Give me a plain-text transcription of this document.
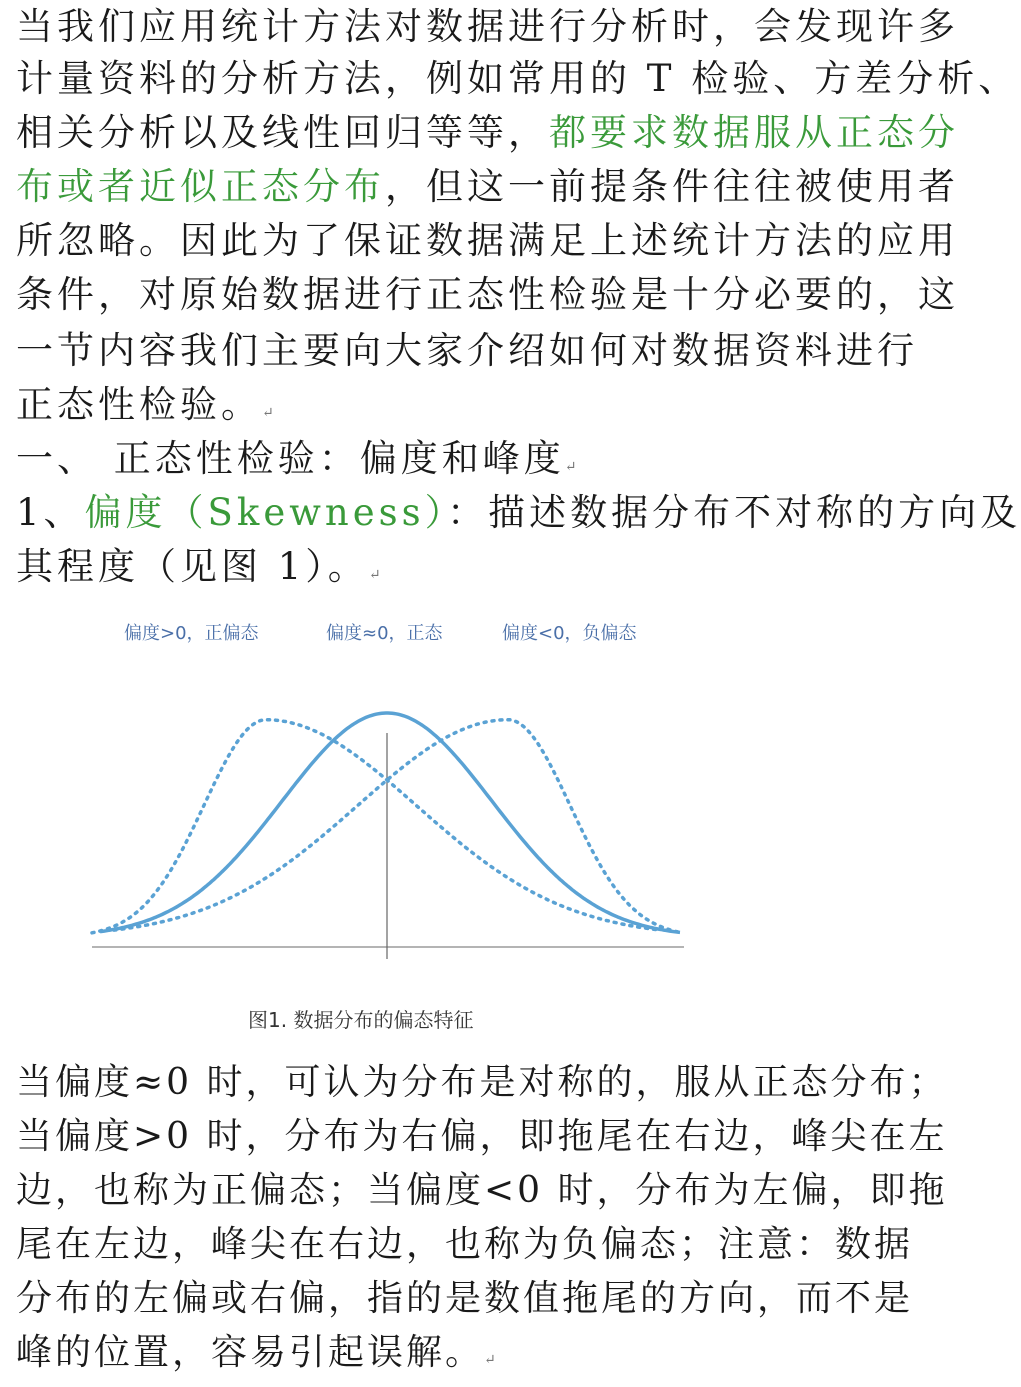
当我们应用统计方法对数据进行分析时，会发现许多
计量资料的分析方法，例如常用的 T 检验、方差分析、
相关分析以及线性回归等等，都要求数据服从正态分
布或者近似正态分布，但这一前提条件往往被使用者
所忽略。因此为了保证数据满足上述统计方法的应用
条件，对原始数据进行正态性检验是十分必要的，这
一节内容我们主要向大家介绍如何对数据资料进行
正态性检验。↵
一、 正态性检验：偏度和峰度↵
1、偏度（Skewness）：描述数据分布不对称的方向及
其程度（见图 1）。↵
偏度>0，正偏态	偏度≈0，正态	偏度<0，负偏态
图1. 数据分布的偏态特征
当偏度≈0 时，可认为分布是对称的，服从正态分布；
当偏度>0 时，分布为右偏，即拖尾在右边，峰尖在左
边，也称为正偏态；当偏度<0 时，分布为左偏，即拖
尾在左边，峰尖在右边，也称为负偏态；注意：数据
分布的左偏或右偏，指的是数值拖尾的方向，而不是
峰的位置，容易引起误解。↵
